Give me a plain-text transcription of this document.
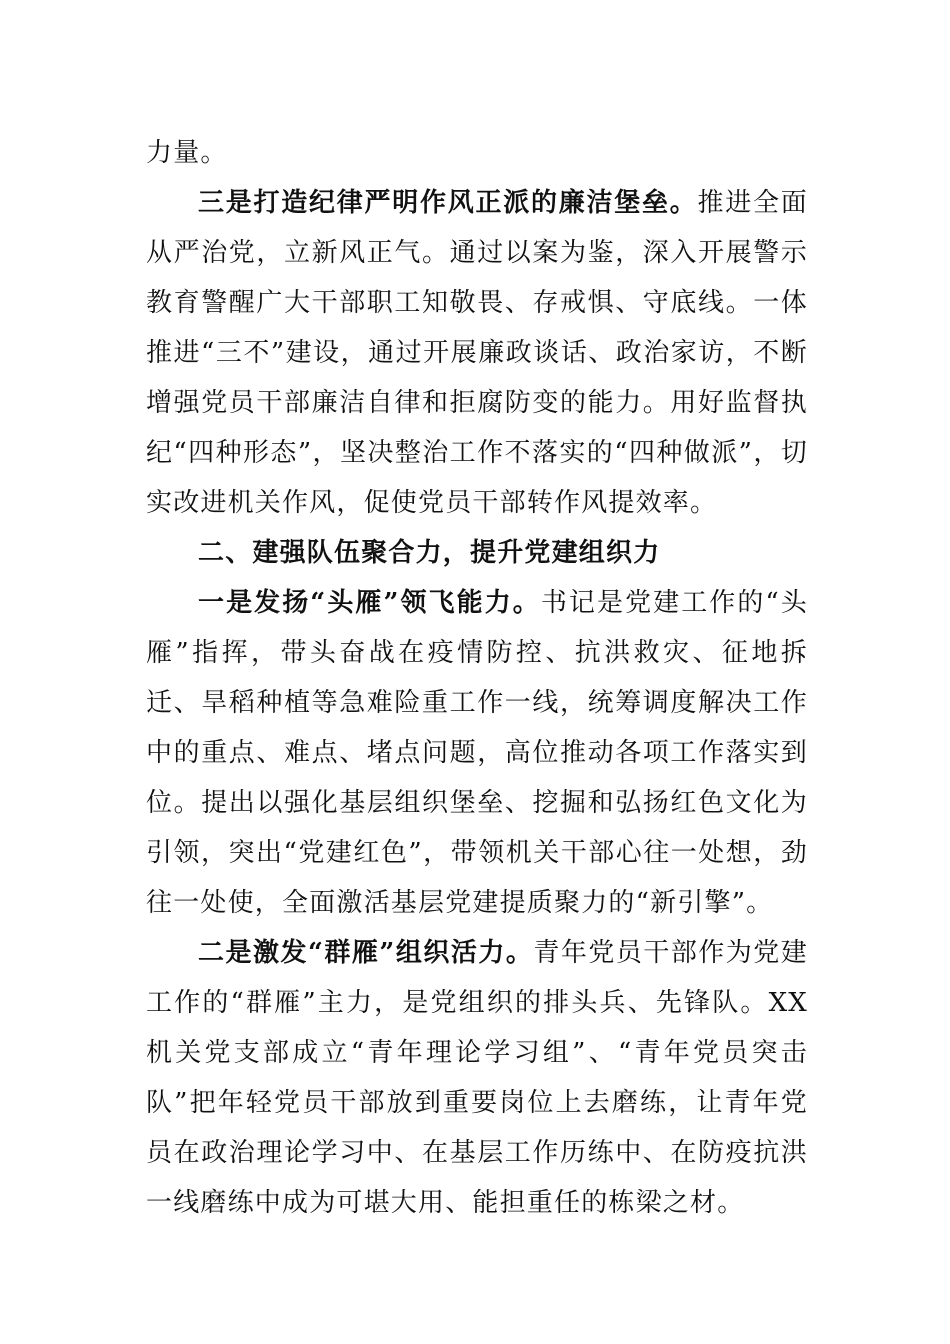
力量。

三是打造纪律严明作风正派的廉洁堡垒。推进全面从严治党，立新风正气。通过以案为鉴，深入开展警示教育警醒广大干部职工知敬畏、存戒惧、守底线。一体推进“三不”建设，通过开展廉政谈话、政治家访，不断增强党员干部廉洁自律和拒腐防变的能力。用好监督执纪“四种形态”，坚决整治工作不落实的“四种做派”，切实改进机关作风，促使党员干部转作风提效率。

二、建强队伍聚合力，提升党建组织力

一是发扬“头雁”领飞能力。书记是党建工作的“头雁”指挥，带头奋战在疫情防控、抗洪救灾、征地拆迁、旱稻种植等急难险重工作一线，统筹调度解决工作中的重点、难点、堵点问题，高位推动各项工作落实到位。提出以强化基层组织堡垒、挖掘和弘扬红色文化为引领，突出“党建红色”，带领机关干部心往一处想，劲往一处使，全面激活基层党建提质聚力的“新引擎”。

二是激发“群雁”组织活力。青年党员干部作为党建工作的“群雁”主力，是党组织的排头兵、先锋队。XX机关党支部成立“青年理论学习组”、“青年党员突击队”把年轻党员干部放到重要岗位上去磨练，让青年党员在政治理论学习中、在基层工作历练中、在防疫抗洪一线磨练中成为可堪大用、能担重任的栋梁之材。
